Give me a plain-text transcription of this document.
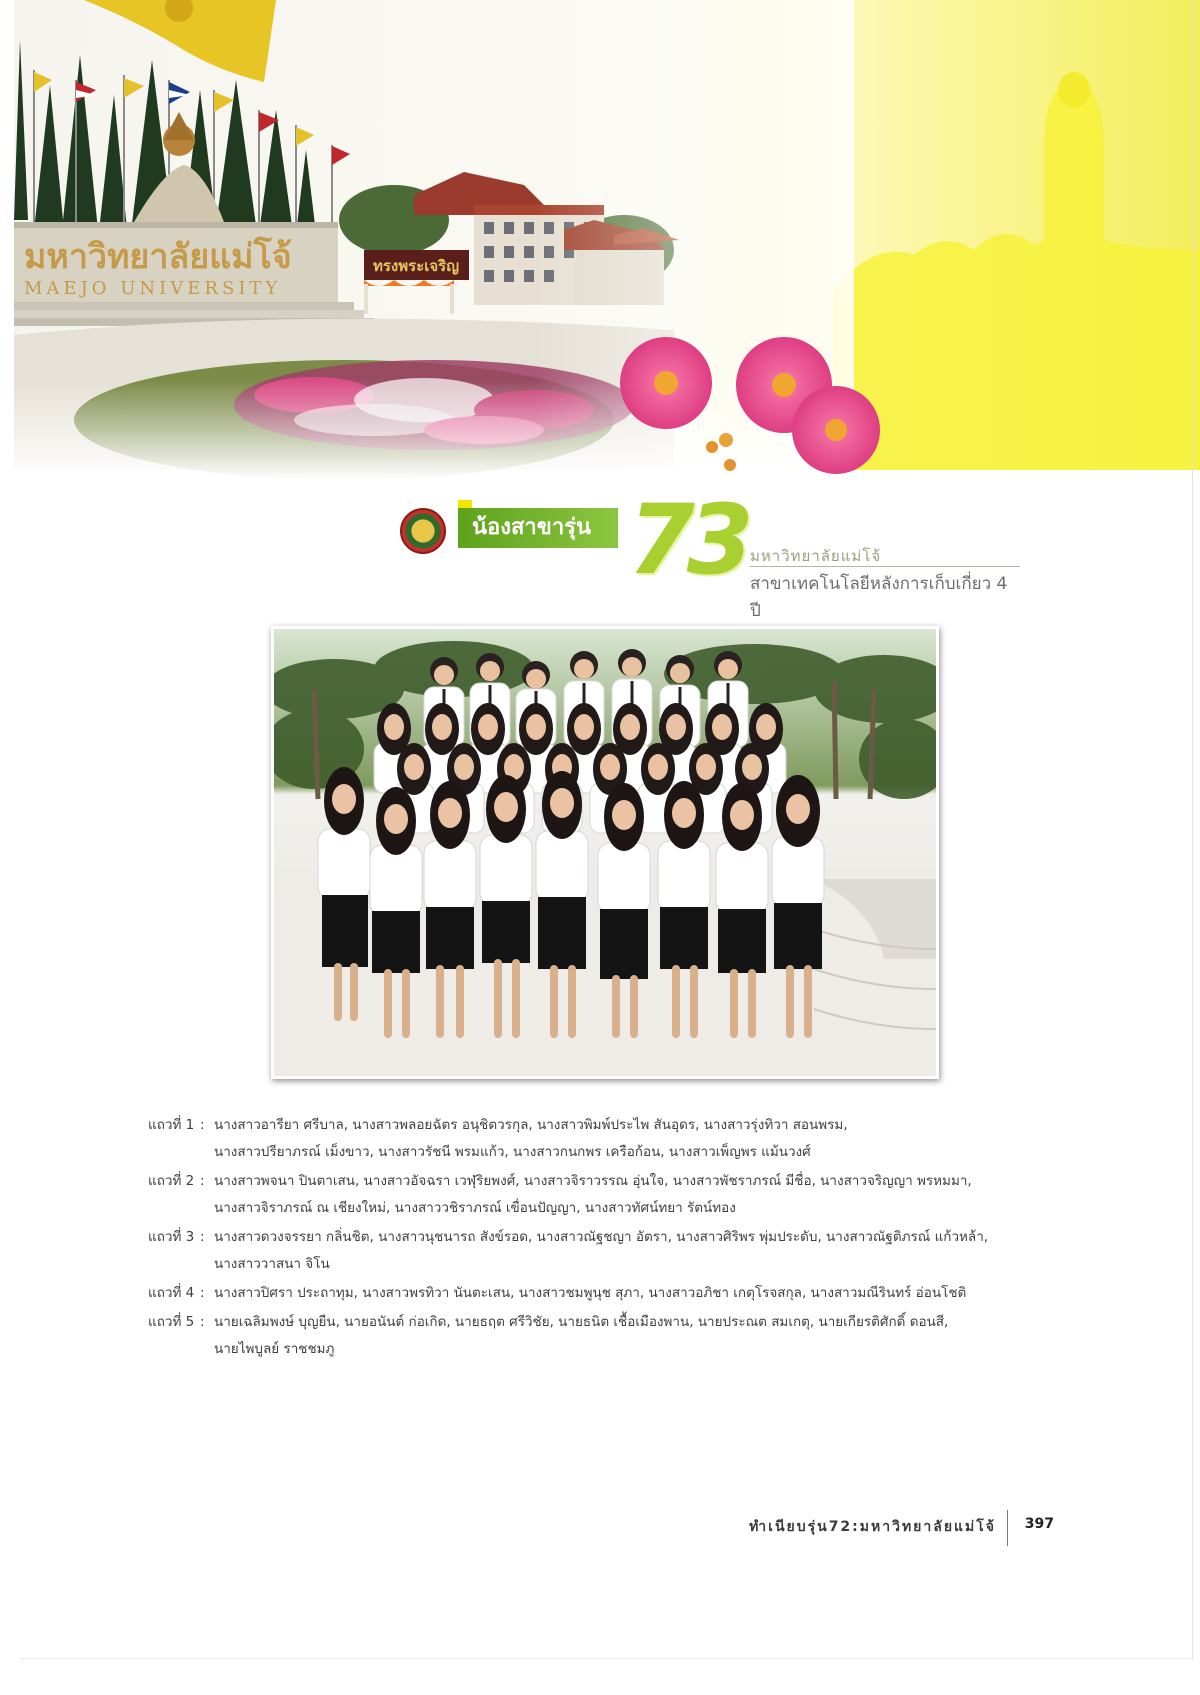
ทรงพระเจริญ
มหาวิทยาลัยแม่โจ้
MAEJO UNIVERSITY
น้องสาขารุ่น 73 มหาวิทยาลัยแม่โจ้
สาขาเทคโนโลยีหลังการเก็บเกี่ยว 4 ปี
แถวที่ 1 : นางสาวอารียา ศรีบาล, นางสาวพลอยฉัตร อนุชิตวรกุล, นางสาวพิมพ์ประไพ สันอุดร, นางสาวรุ่งทิวา สอนพรม,
นางสาวปรียาภรณ์ เม็งขาว, นางสาวรัชนี พรมแก้ว, นางสาวกนกพร เครือก้อน, นางสาวเพ็ญพร แม้นวงศ์
แถวที่ 2 : นางสาวพจนา ปินตาเสน, นางสาวอัจฉรา เวฬุริยพงศ์, นางสาวจิราวรรณ อุ่นใจ, นางสาวพัชราภรณ์ มีชื่อ, นางสาวจริญญา พรหมมา,
นางสาวจิราภรณ์ ณ เชียงใหม่, นางสาววชิราภรณ์ เขื่อนปัญญา, นางสาวทัศน์ทยา รัตน์ทอง
แถวที่ 3 : นางสาวดวงจรรยา กลิ่นชิต, นางสาวนุชนารถ สังข์รอด, นางสาวณัฐชญา อัตรา, นางสาวศิริพร พุ่มประดับ, นางสาวณัฐติภรณ์ แก้วหล้า,
นางสาววาสนา จิโน
แถวที่ 4 : นางสาวปิศรา ประถาทุม, นางสาวพรทิวา นันตะเสน, นางสาวชมพูนุช สุภา, นางสาวอภิชา เกตุโรจสกุล, นางสาวมณีรินทร์ อ่อนโชติ
แถวที่ 5 : นายเฉลิมพงษ์ บุญยืน, นายอนันต์ ก่อเกิด, นายธฤต ศรีวิชัย, นายธนิต เชื้อเมืองพาน, นายประณต สมเกตุ, นายเกียรติศักดิ์ ดอนสี,
นายไพบูลย์ ราชชมภู
ทำเนียบรุ่น72:มหาวิทยาลัยแม่โจ้ 397
